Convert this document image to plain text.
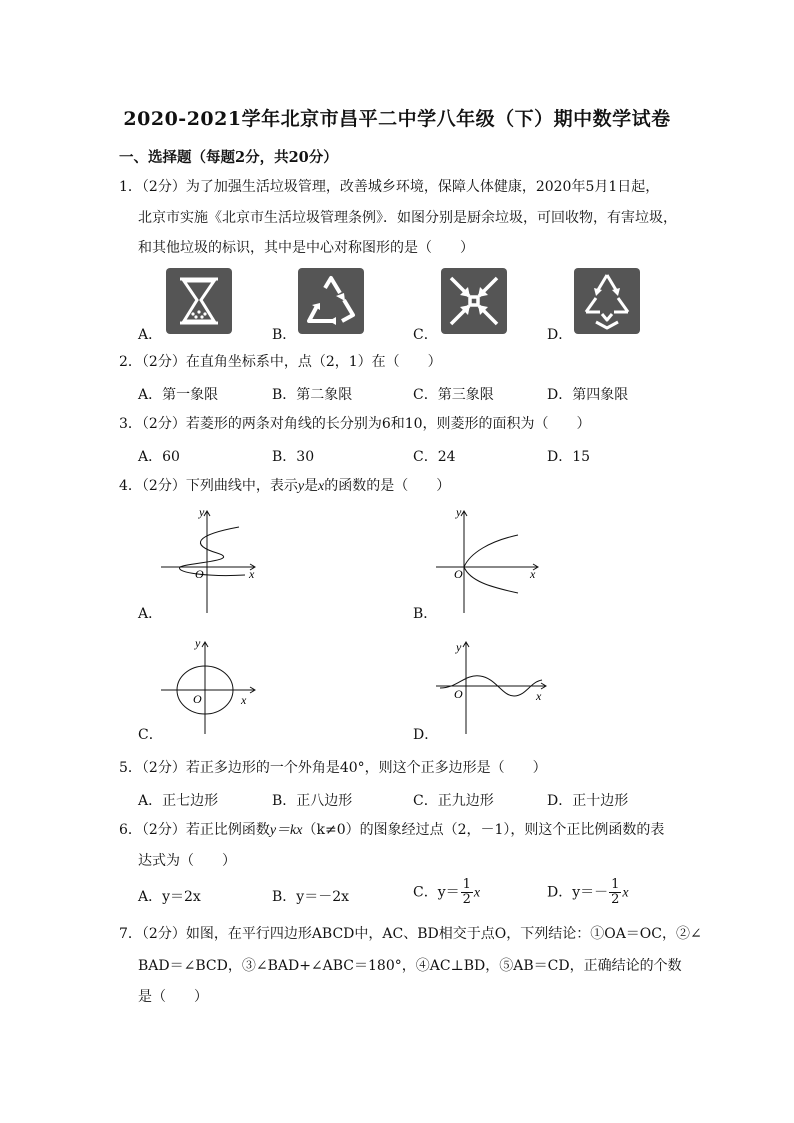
2020-2021学年北京市昌平二中学八年级（下）期中数学试卷
一、选择题（每题2分，共20分）
1．（2分）为了加强生活垃圾管理，改善城乡环境，保障人体健康，2020年5月1日起，
北京市实施《北京市生活垃圾管理条例》．如图分别是厨余垃圾，可回收物，有害垃圾，
和其他垃圾的标识，其中是中心对称图形的是（　　）
A．	B．	C．	D．
2．（2分）在直角坐标系中，点（2，1）在（　　）
A．第一象限	B．第二象限	C．第三象限	D．第四象限
3．（2分）若菱形的两条对角线的长分别为6和10，则菱形的面积为（　　）
A．60	B．30	C．24	D．15
4．（2分）下列曲线中，表示y是x的函数的是（　　）
A．	B．
C．	D．
y
O	x
y
O	x
y
O	x
y
O	x
5．（2分）若正多边形的一个外角是40°，则这个正多边形是（　　）
A．正七边形	B．正八边形	C．正九边形	D．正十边形
6．（2分）若正比例函数y＝kx（k≠0）的图象经过点（2，－1），则这个正比例函数的表
达式为（　　）
A．y＝2x	B．y＝－2x	C．$y= \frac{1}{2}$ x	D．$y=- \frac{1}{2}$ x
7．（2分）如图，在平行四边形ABCD中，AC、BD相交于点O，下列结论：①OA＝OC，②∠
BAD＝∠BCD，③∠BAD+∠ABC＝180°，④AC⊥BD，⑤AB＝CD，正确结论的个数
是（　　）
